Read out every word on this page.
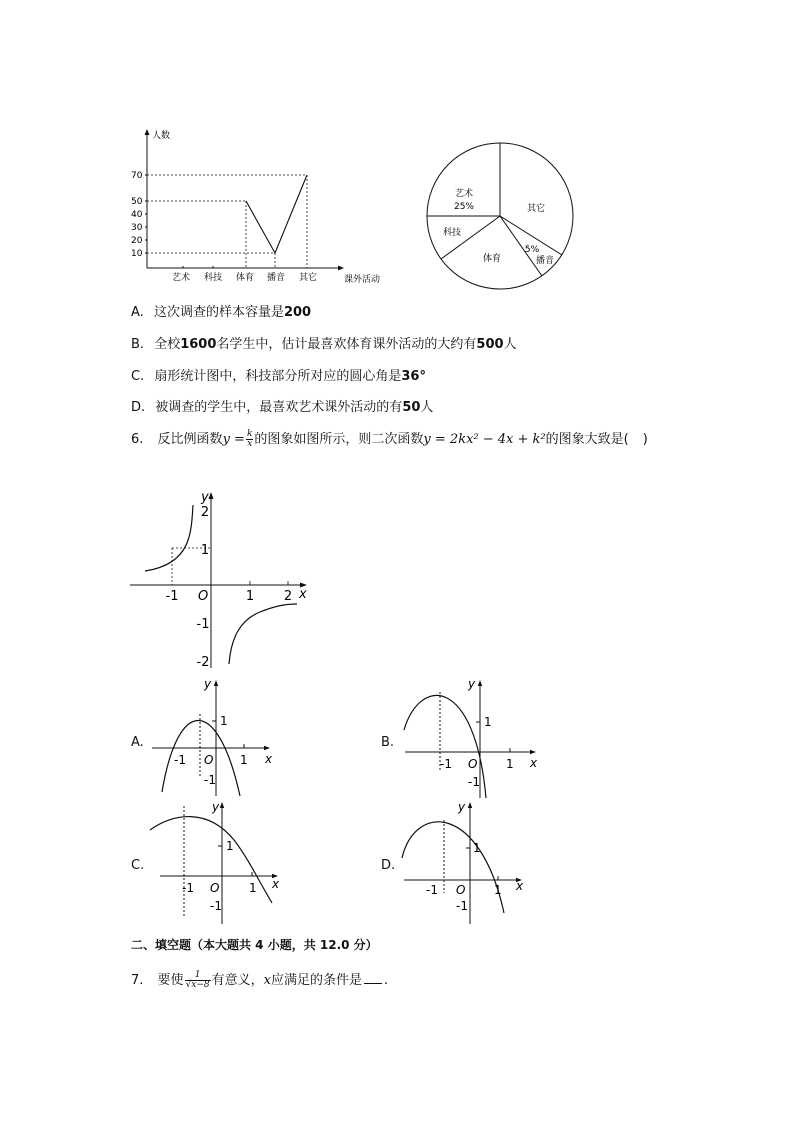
人数
课外活动
10
20
30
40
50
70
艺术 科技 体育 播音 其它
艺术
25%	其它
科技
体育
5%
播音
A. 这次调查的样本容量是200
B. 全校1600名学生中，估计最喜欢体育课外活动的大约有500人
C. 扇形统计图中，科技部分所对应的圆心角是36°
D. 被调查的学生中，最喜欢艺术课外活动的有50人
6. 反比例函数$y = \frac{k}{x}$ 的图象如图所示，则二次函数y = 2kx² − 4x + k²的图象大致是( )
y
x
O
-1	1 2
2
1
-1
-2
A.
y
x
O
-1	1
1
-1
B.
y
x
O
-1	1
1
-1
C.
y
x
O
-1	1
1
-1
D.
y
x
O
-1	1
1
-1
二、填空题（本大题共 4 小题，共 12.0 分）
7. 要使 $\frac{1}{√x-8}$ 有意义，x应满足的条件是 .
